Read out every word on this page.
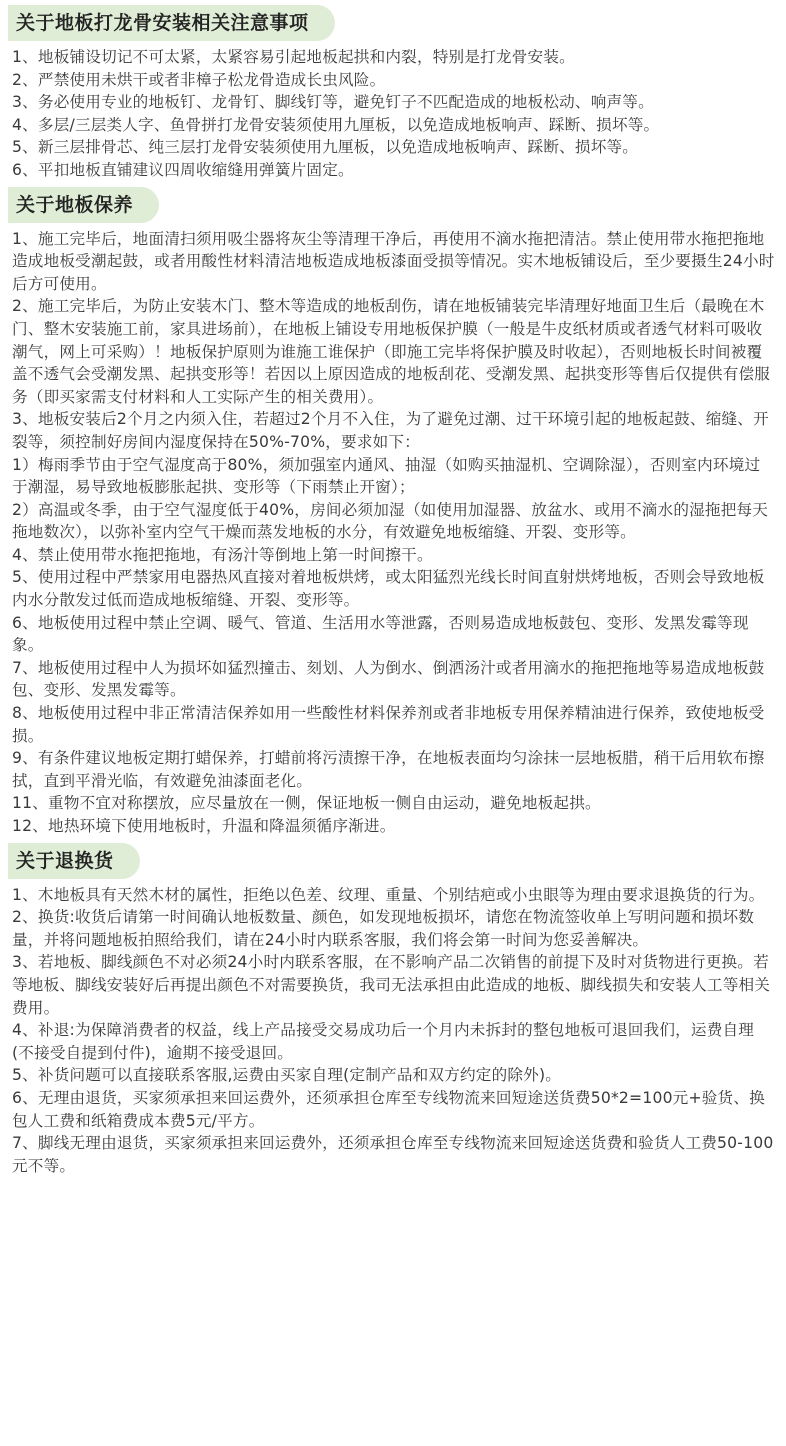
关于地板打龙骨安装相关注意事项

1、地板铺设切记不可太紧，太紧容易引起地板起拱和内裂，特别是打龙骨安装。

2、严禁使用未烘干或者非樟子松龙骨造成长虫风险。

3、务必使用专业的地板钉、龙骨钉、脚线钉等，避免钉子不匹配造成的地板松动、响声等。

4、多层/三层类人字、鱼骨拼打龙骨安装须使用九厘板，以免造成地板响声、踩断、损坏等。

5、新三层排骨芯、纯三层打龙骨安装须使用九厘板，以免造成地板响声、踩断、损坏等。

6、平扣地板直铺建议四周收缩缝用弹簧片固定。

关于地板保养

1、施工完毕后，地面清扫须用吸尘器将灰尘等清理干净后，再使用不滴水拖把清洁。禁止使用带水拖把拖地造成地板受潮起鼓，或者用酸性材料清洁地板造成地板漆面受损等情况。实木地板铺设后，至少要摄生24小时后方可使用。

2、施工完毕后，为防止安装木门、整木等造成的地板刮伤，请在地板铺装完毕清理好地面卫生后（最晚在木门、整木安装施工前，家具进场前），在地板上铺设专用地板保护膜（一般是牛皮纸材质或者透气材料可吸收潮气，网上可采购）！地板保护原则为谁施工谁保护（即施工完毕将保护膜及时收起），否则地板长时间被覆盖不透气会受潮发黑、起拱变形等！若因以上原因造成的地板刮花、受潮发黑、起拱变形等售后仅提供有偿服务（即买家需支付材料和人工实际产生的相关费用）。

3、地板安装后2个月之内须入住，若超过2个月不入住，为了避免过潮、过干环境引起的地板起鼓、缩缝、开裂等，须控制好房间内湿度保持在50%-70%，要求如下：

1）梅雨季节由于空气湿度高于80%，须加强室内通风、抽湿（如购买抽湿机、空调除湿），否则室内环境过于潮湿，易导致地板膨胀起拱、变形等（下雨禁止开窗）；

2）高温或冬季，由于空气湿度低于40%，房间必须加湿（如使用加湿器、放盆水、或用不滴水的湿拖把每天拖地数次），以弥补室内空气干燥而蒸发地板的水分，有效避免地板缩缝、开裂、变形等。

4、禁止使用带水拖把拖地，有汤汁等倒地上第一时间擦干。

5、使用过程中严禁家用电器热风直接对着地板烘烤，或太阳猛烈光线长时间直射烘烤地板，否则会导致地板内水分散发过低而造成地板缩缝、开裂、变形等。

6、地板使用过程中禁止空调、暖气、管道、生活用水等泄露，否则易造成地板鼓包、变形、发黑发霉等现象。

7、地板使用过程中人为损坏如猛烈撞击、刻划、人为倒水、倒洒汤汁或者用滴水的拖把拖地等易造成地板鼓包、变形、发黑发霉等。

8、地板使用过程中非正常清洁保养如用一些酸性材料保养剂或者非地板专用保养精油进行保养，致使地板受损。

9、有条件建议地板定期打蜡保养，打蜡前将污渍擦干净，在地板表面均匀涂抹一层地板腊，稍干后用软布擦拭，直到平滑光临，有效避免油漆面老化。

11、重物不宜对称摆放，应尽量放在一侧，保证地板一侧自由运动，避免地板起拱。

12、地热环境下使用地板时，升温和降温须循序渐进。

关于退换货

1、木地板具有天然木材的属性，拒绝以色差、纹理、重量、个别结疤或小虫眼等为理由要求退换货的行为。

2、换货:收货后请第一时间确认地板数量、颜色，如发现地板损坏，请您在物流签收单上写明问题和损坏数量，并将问题地板拍照给我们，请在24小时内联系客服，我们将会第一时间为您妥善解决。

3、若地板、脚线颜色不对必须24小时内联系客服，在不影响产品二次销售的前提下及时对货物进行更换。若等地板、脚线安装好后再提出颜色不对需要换货，我司无法承担由此造成的地板、脚线损失和安装人工等相关费用。

4、补退:为保障消费者的权益，线上产品接受交易成功后一个月内未拆封的整包地板可退回我们，运费自理(不接受自提到付件)，逾期不接受退回。

5、补货问题可以直接联系客服,运费由买家自理(定制产品和双方约定的除外)。

6、无理由退货，买家须承担来回运费外，还须承担仓库至专线物流来回短途送货费50*2=100元+验货、换包人工费和纸箱费成本费5元/平方。

7、脚线无理由退货，买家须承担来回运费外，还须承担仓库至专线物流来回短途送货费和验货人工费50-100元不等。
